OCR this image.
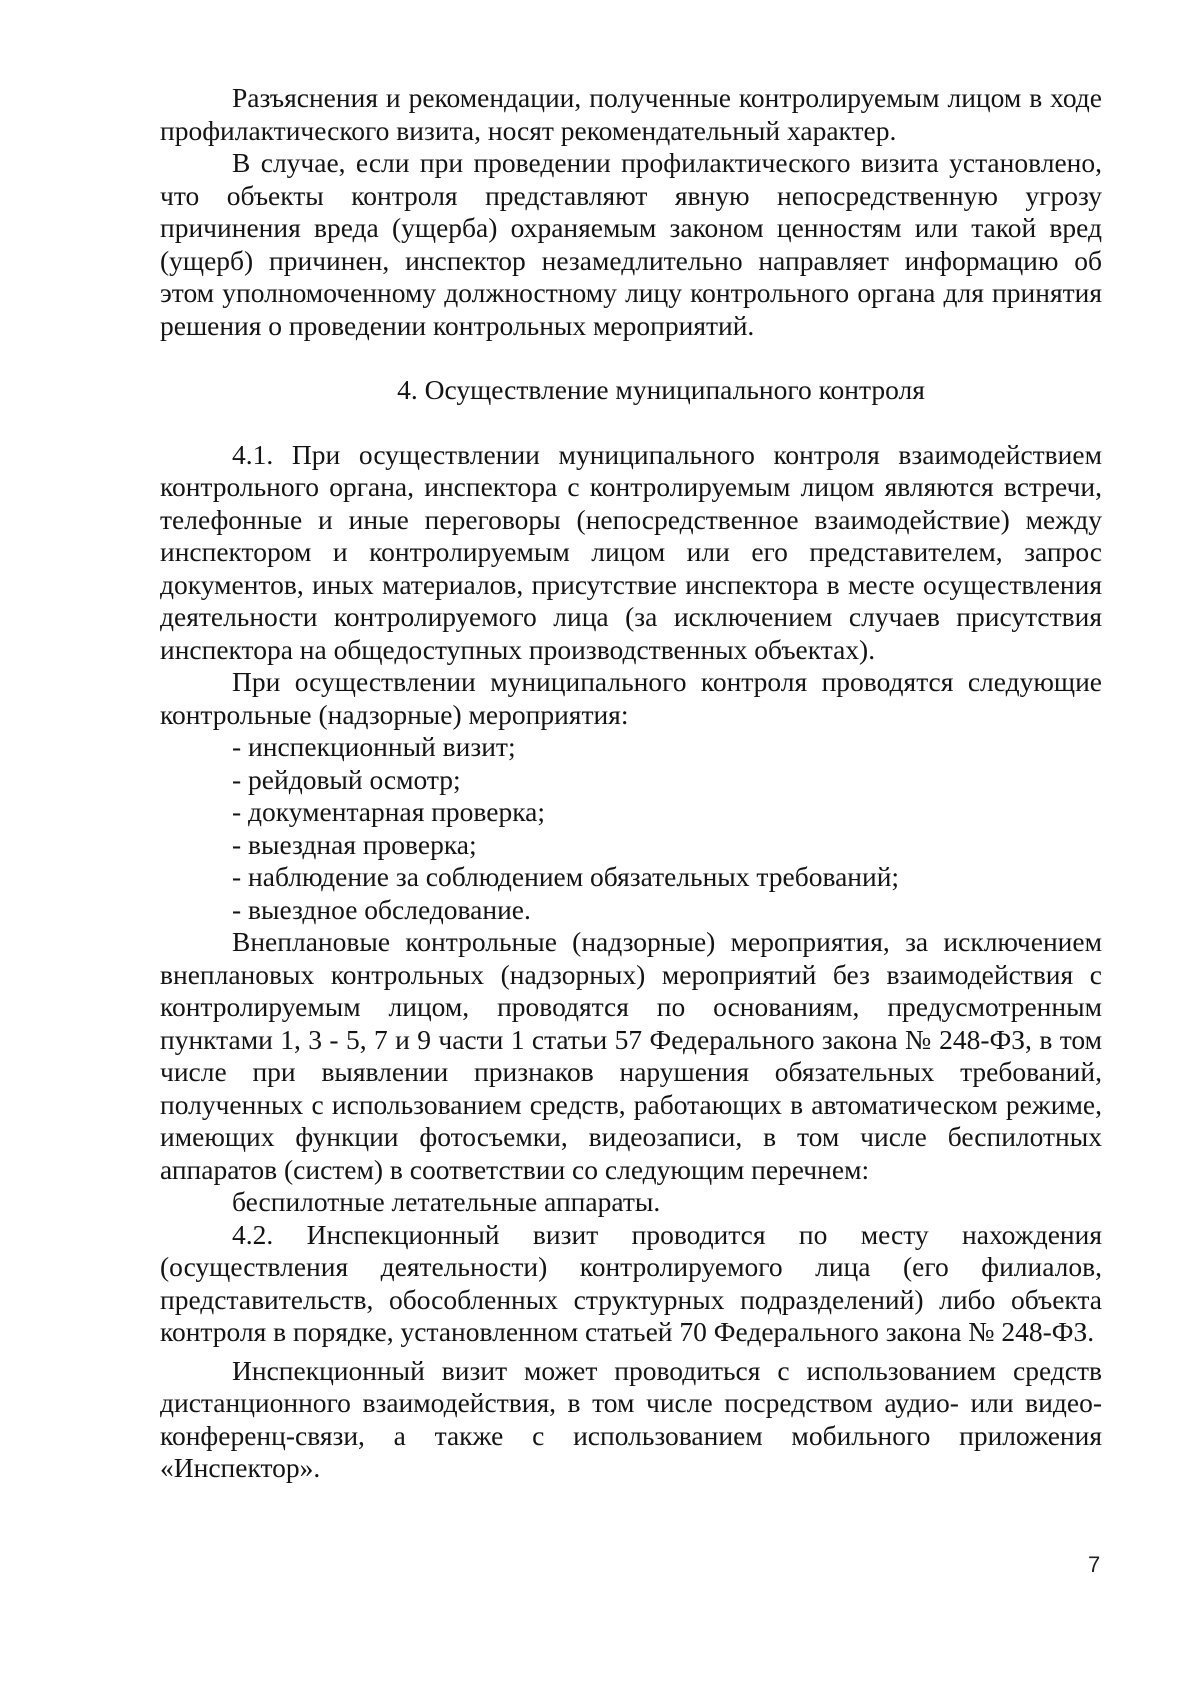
Разъяснения и рекомендации, полученные контролируемым лицом в ходе профилактического визита, носят рекомендательный характер.

В случае, если при проведении профилактического визита установлено, что объекты контроля представляют явную непосредственную угрозу причинения вреда (ущерба) охраняемым законом ценностям или такой вред (ущерб) причинен, инспектор незамедлительно направляет информацию об этом уполномоченному должностному лицу контрольного органа для принятия решения о проведении контрольных мероприятий.

4. Осуществление муниципального контроля

4.1. При осуществлении муниципального контроля взаимодействием контрольного органа, инспектора с контролируемым лицом являются встречи, телефонные и иные переговоры (непосредственное взаимодействие) между инспектором и контролируемым лицом или его представителем, запрос документов, иных материалов, присутствие инспектора в месте осуществления деятельности контролируемого лица (за исключением случаев присутствия инспектора на общедоступных производственных объектах).

При осуществлении муниципального контроля проводятся следующие контрольные (надзорные) мероприятия:

- инспекционный визит;
- рейдовый осмотр;
- документарная проверка;
- выездная проверка;
- наблюдение за соблюдением обязательных требований;
- выездное обследование.

Внеплановые контрольные (надзорные) мероприятия, за исключением внеплановых контрольных (надзорных) мероприятий без взаимодействия с контролируемым лицом, проводятся по основаниям, предусмотренным пунктами 1, 3 - 5, 7 и 9 части 1 статьи 57 Федерального закона № 248-ФЗ, в том числе при выявлении признаков нарушения обязательных требований, полученных с использованием средств, работающих в автоматическом режиме, имеющих функции фотосъемки, видеозаписи, в том числе беспилотных аппаратов (систем) в соответствии со следующим перечнем:

беспилотные летательные аппараты.

4.2. Инспекционный визит проводится по месту нахождения (осуществления деятельности) контролируемого лица (его филиалов, представительств, обособленных структурных подразделений) либо объекта контроля в порядке, установленном статьей 70 Федерального закона № 248-ФЗ.

Инспекционный визит может проводиться с использованием средств дистанционного взаимодействия, в том числе посредством аудио- или видео-конференц-связи, а также с использованием мобильного приложения «Инспектор».

7
